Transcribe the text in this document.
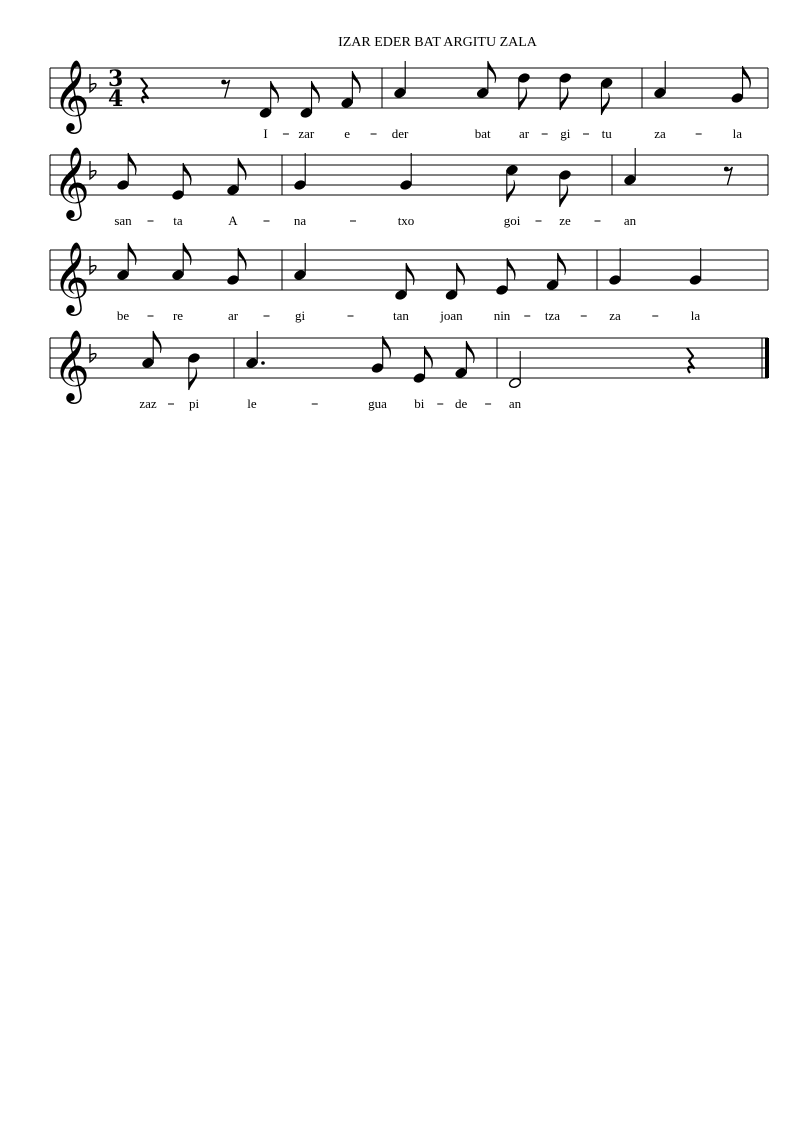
IZAR EDER BAT ARGITU ZALA
𝄞 3
4
I zar e	der	bat ar gi tu	za	la
𝄞
san	ta	A	na	txo	goi	ze	an
𝄞
be	re	ar	gi	tan joan nin	tza	za	la
𝄞
zaz pi	le	gua bi de	an
